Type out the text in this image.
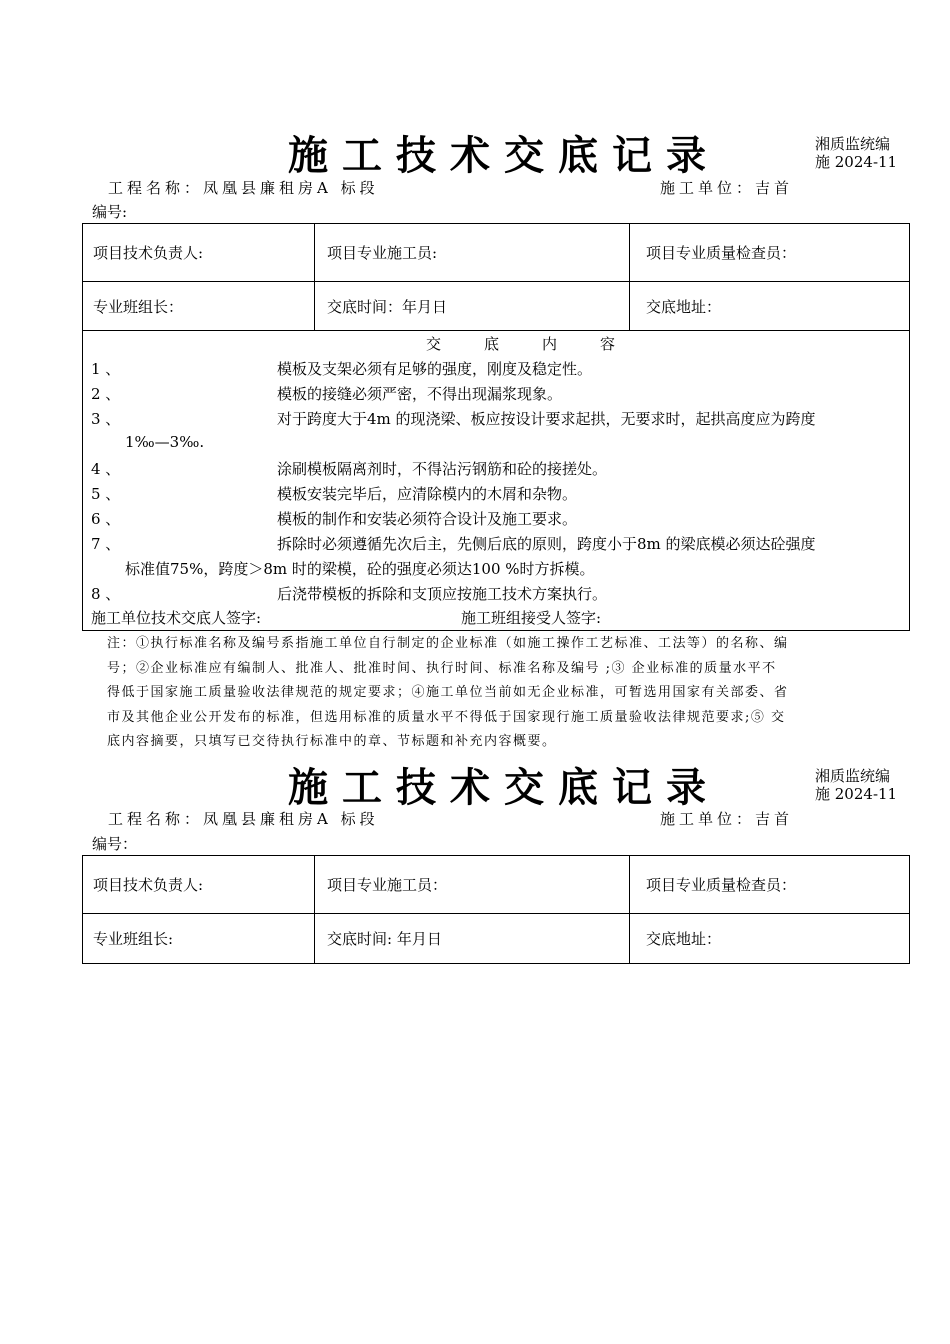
施工技术交底记录	湘质监统编
施 2024-11
工程名称：凤凰县廉租房A 标段	施工单位：吉首
编号:
项目技术负责人:	项目专业施工员:	项目专业质量检查员：
专业班组长：	交底时间：年月日	交底地址：
交	底	内	容
1 、	模板及支架必须有足够的强度，刚度及稳定性。
2 、	模板的接缝必须严密，不得出现漏浆现象。
3 、	对于跨度大于4m 的现浇梁、板应按设计要求起拱，无要求时，起拱高度应为跨度
1‰—3‰.
4 、	涂刷模板隔离剂时，不得沾污钢筋和砼的接搓处。
5 、	模板安装完毕后，应清除模内的木屑和杂物。
6 、	模板的制作和安装必须符合设计及施工要求。
7 、	拆除时必须遵循先次后主，先侧后底的原则，跨度小于8m 的梁底模必须达砼强度
标准值75%，跨度＞8m 时的梁模，砼的强度必须达100 %时方拆模。
8 、	后浇带模板的拆除和支顶应按施工技术方案执行。
施工单位技术交底人签字:	施工班组接受人签字:
注：①执行标准名称及编号系指施工单位自行制定的企业标准（如施工操作工艺标准、工法等）的名称、编
号；②企业标准应有编制人、批准人、批准时间、执行时间、标准名称及编号 ;③ 企业标准的质量水平不
得低于国家施工质量验收法律规范的规定要求；④施工单位当前如无企业标准，可暂选用国家有关部委、省
市及其他企业公开发布的标准，但选用标准的质量水平不得低于国家现行施工质量验收法律规范要求;⑤ 交
底内容摘要，只填写已交待执行标准中的章、节标题和补充内容概要。
施工技术交底记录	湘质监统编
施 2024-11
工程名称：凤凰县廉租房A 标段	施工单位：吉首
编号：
项目技术负责人:	项目专业施工员：	项目专业质量检查员：
专业班组长:	交底时间: 年月日	交底地址：
